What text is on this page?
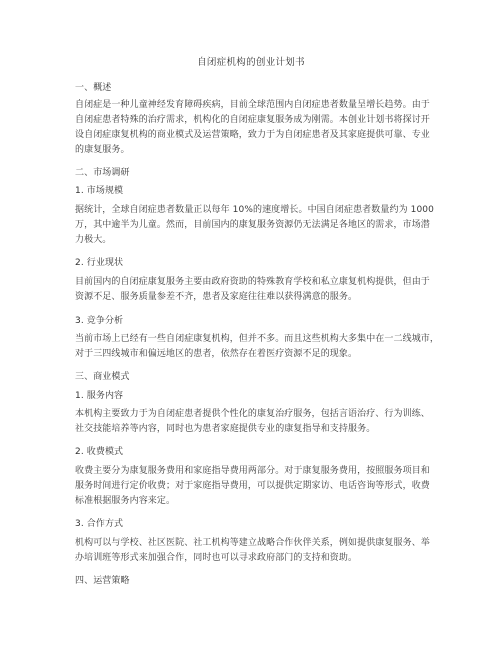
自闭症机构的创业计划书
一、概述
自闭症是一种儿童神经发育障碍疾病，目前全球范围内自闭症患者数量呈增长趋势。由于
自闭症患者特殊的治疗需求，机构化的自闭症康复服务成为刚需。本创业计划书将探讨开
设自闭症康复机构的商业模式及运营策略，致力于为自闭症患者及其家庭提供可靠、专业
的康复服务。
二、市场调研
1. 市场规模
据统计，全球自闭症患者数量正以每年 10%的速度增长。中国自闭症患者数量约为 1000
万，其中逾半为儿童。然而，目前国内的康复服务资源仍无法满足各地区的需求，市场潜
力极大。
2. 行业现状
目前国内的自闭症康复服务主要由政府资助的特殊教育学校和私立康复机构提供，但由于
资源不足、服务质量参差不齐，患者及家庭往往难以获得满意的服务。
3. 竞争分析
当前市场上已经有一些自闭症康复机构，但并不多。而且这些机构大多集中在一二线城市，
对于三四线城市和偏远地区的患者，依然存在着医疗资源不足的现象。
三、商业模式
1. 服务内容
本机构主要致力于为自闭症患者提供个性化的康复治疗服务，包括言语治疗、行为训练、
社交技能培养等内容，同时也为患者家庭提供专业的康复指导和支持服务。
2. 收费模式
收费主要分为康复服务费用和家庭指导费用两部分。对于康复服务费用，按照服务项目和
服务时间进行定价收费；对于家庭指导费用，可以提供定期家访、电话咨询等形式，收费
标准根据服务内容来定。
3. 合作方式
机构可以与学校、社区医院、社工机构等建立战略合作伙伴关系，例如提供康复服务、举
办培训班等形式来加强合作，同时也可以寻求政府部门的支持和资助。
四、运营策略
